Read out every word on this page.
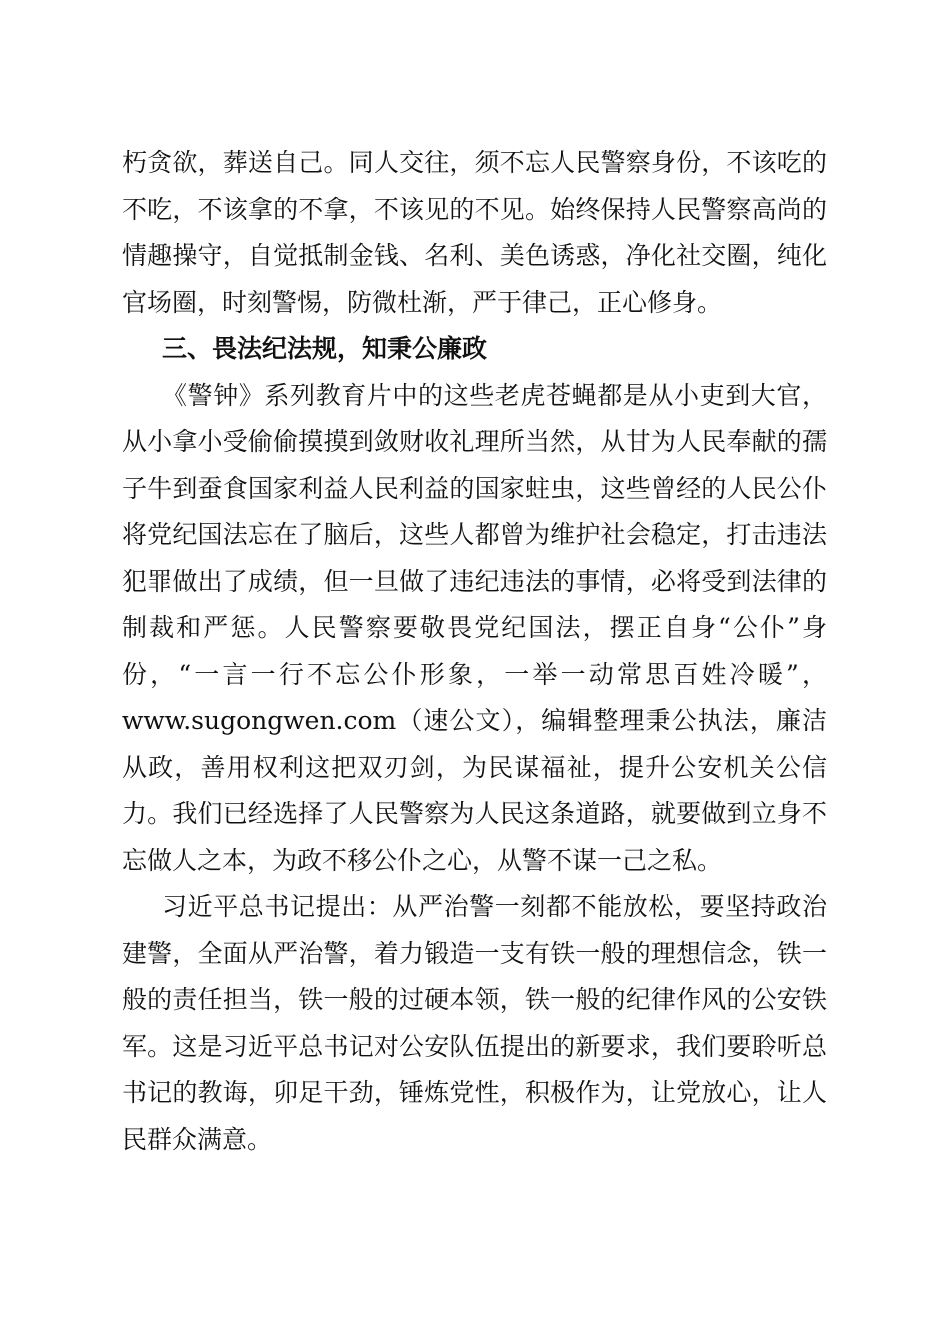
朽贪欲，葬送自己。同人交往，须不忘人民警察身份，不该吃的不吃，不该拿的不拿，不该见的不见。始终保持人民警察高尚的情趣操守，自觉抵制金钱、名利、美色诱惑，净化社交圈，纯化官场圈，时刻警惕，防微杜渐，严于律己，正心修身。

三、畏法纪法规，知秉公廉政

《警钟》系列教育片中的这些老虎苍蝇都是从小吏到大官，从小拿小受偷偷摸摸到敛财收礼理所当然，从甘为人民奉献的孺子牛到蚕食国家利益人民利益的国家蛀虫，这些曾经的人民公仆将党纪国法忘在了脑后，这些人都曾为维护社会稳定，打击违法犯罪做出了成绩，但一旦做了违纪违法的事情，必将受到法律的制裁和严惩。人民警察要敬畏党纪国法，摆正自身“公仆”身份，“一言一行不忘公仆形象，一举一动常思百姓冷暖”，www.sugongwen.com（速公文），编辑整理秉公执法，廉洁从政，善用权利这把双刃剑，为民谋福祉，提升公安机关公信力。我们已经选择了人民警察为人民这条道路，就要做到立身不忘做人之本，为政不移公仆之心，从警不谋一己之私。

习近平总书记提出：从严治警一刻都不能放松，要坚持政治建警，全面从严治警，着力锻造一支有铁一般的理想信念，铁一般的责任担当，铁一般的过硬本领，铁一般的纪律作风的公安铁军。这是习近平总书记对公安队伍提出的新要求，我们要聆听总书记的教诲，卯足干劲，锤炼党性，积极作为，让党放心，让人民群众满意。
